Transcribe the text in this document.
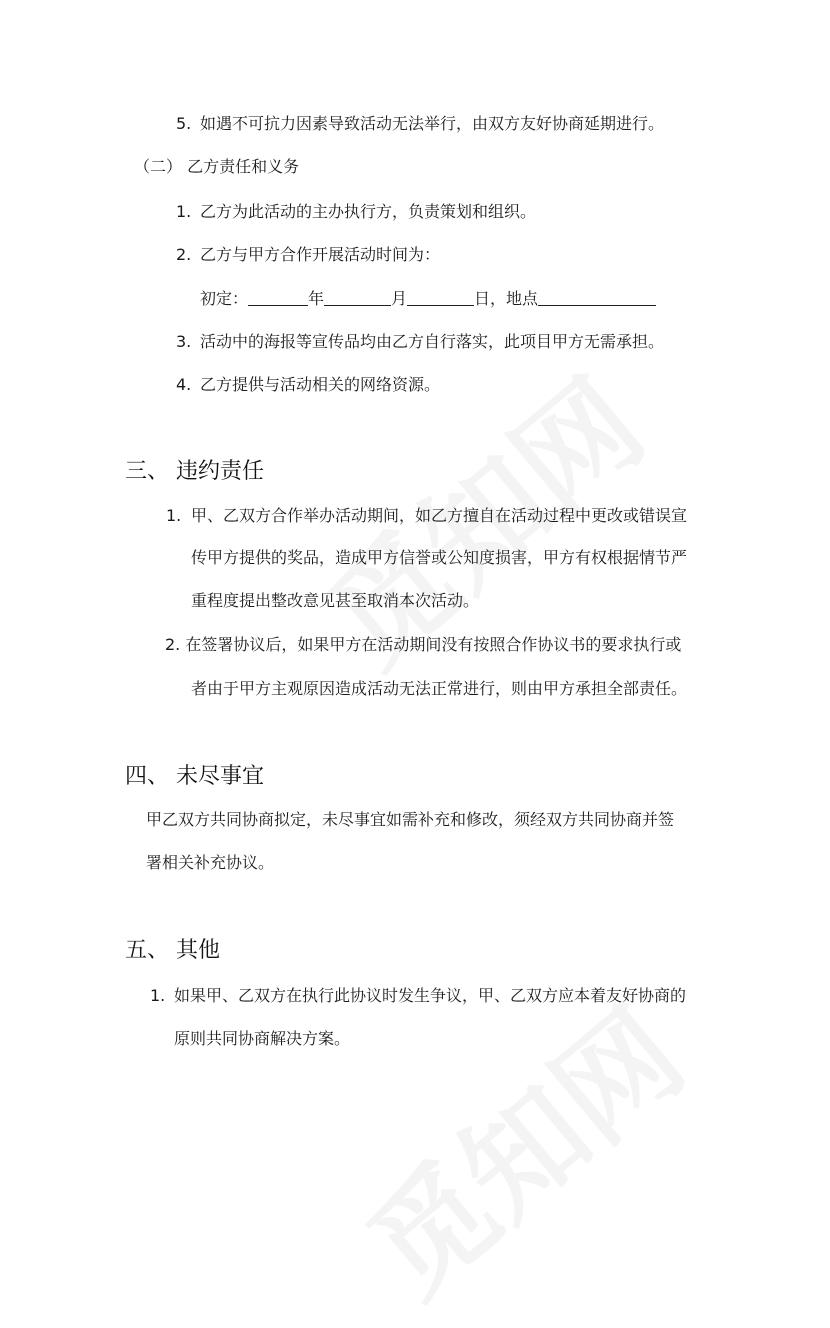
5. 如遇不可抗力因素导致活动无法举行，由双方友好协商延期进行。
（二） 乙方责任和义务
1. 乙方为此活动的主办执行方，负责策划和组织。
2. 乙方与甲方合作开展活动时间为：
初定：	年	月	日，地点
3. 活动中的海报等宣传品均由乙方自行落实，此项目甲方无需承担。
4. 乙方提供与活动相关的网络资源。
三、 违约责任
1. 甲、乙双方合作举办活动期间，如乙方擅自在活动过程中更改或错误宣
传甲方提供的奖品，造成甲方信誉或公知度损害，甲方有权根据情节严
重程度提出整改意见甚至取消本次活动。
2. 在签署协议后，如果甲方在活动期间没有按照合作协议书的要求执行或
者由于甲方主观原因造成活动无法正常进行，则由甲方承担全部责任。
四、 未尽事宜
甲乙双方共同协商拟定，未尽事宜如需补充和修改，须经双方共同协商并签
署相关补充协议。
五、 其他
1. 如果甲、乙双方在执行此协议时发生争议，甲、乙双方应本着友好协商的
原则共同协商解决方案。
